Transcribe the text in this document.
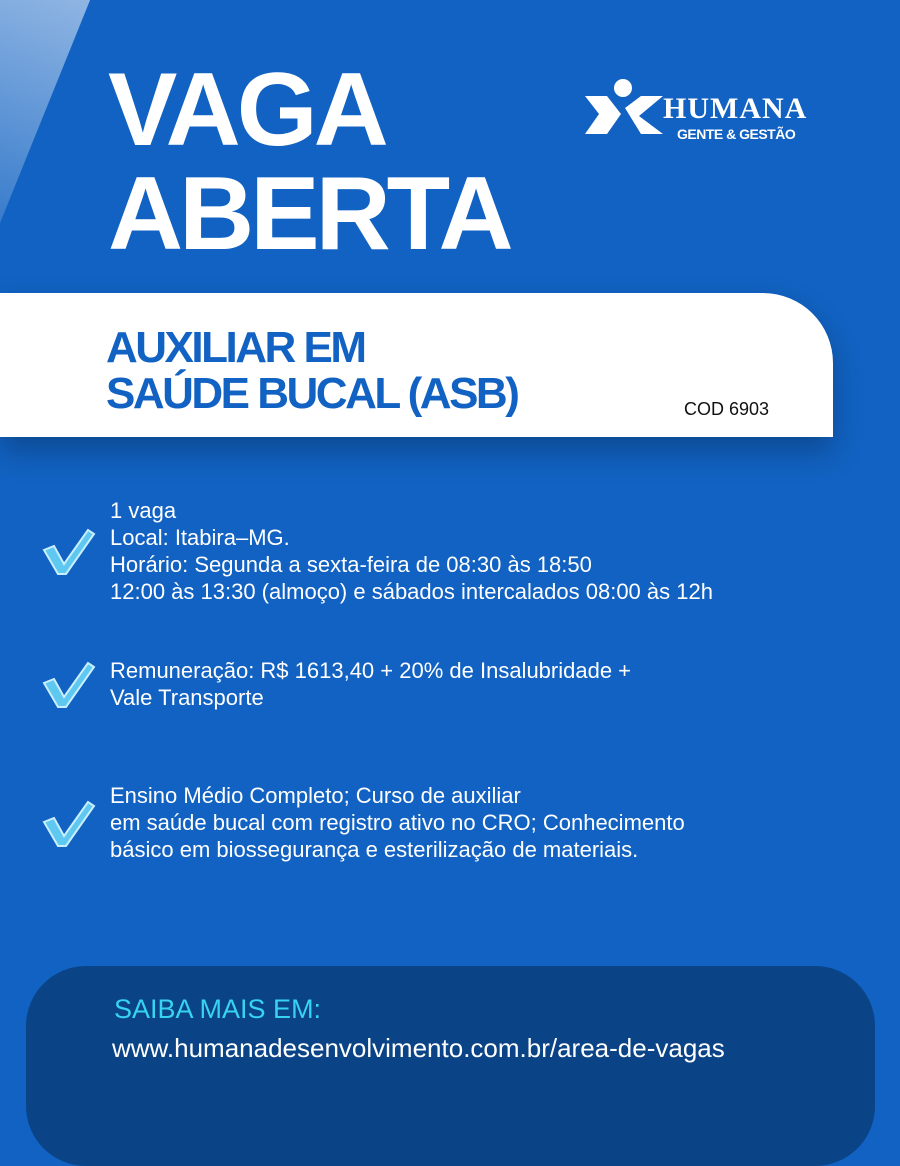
VAGA
ABERTA
HUMANA
GENTE & GESTÃO
AUXILIAR EM
SAÚDE BUCAL (ASB)	COD 6903
1 vaga
Local: Itabira–MG.
Horário: Segunda a sexta-feira de 08:30 às 18:50
12:00 às 13:30 (almoço) e sábados intercalados 08:00 às 12h
Remuneração: R$ 1613,40 + 20% de Insalubridade +
Vale Transporte
Ensino Médio Completo; Curso de auxiliar
em saúde bucal com registro ativo no CRO; Conhecimento
básico em biossegurança e esterilização de materiais.
SAIBA MAIS EM:
www.humanadesenvolvimento.com.br/area-de-vagas
